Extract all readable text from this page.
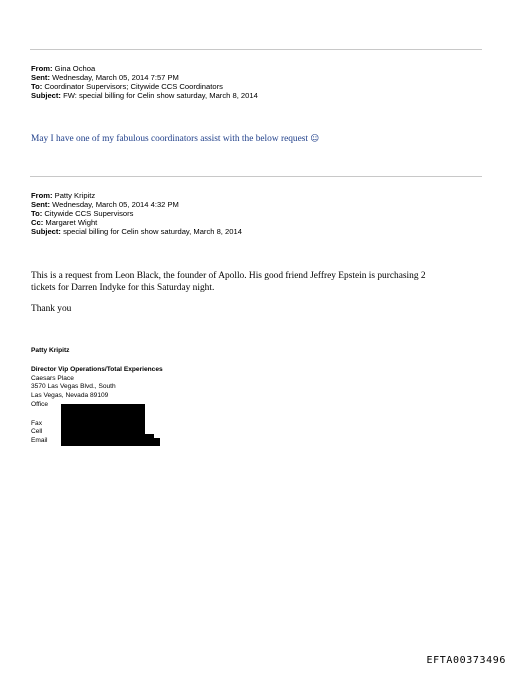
From: Gina Ochoa
Sent: Wednesday, March 05, 2014 7:57 PM
To: Coordinator Supervisors; Citywide CCS Coordinators
Subject: FW: special billing for Celin show saturday, March 8, 2014
May I have one of my fabulous coordinators assist with the below request ☺
From: Patty Kripitz
Sent: Wednesday, March 05, 2014 4:32 PM
To: Citywide CCS Supervisors
Cc: Margaret Wight
Subject: special billing for Celin show saturday, March 8, 2014
This is a request from Leon Black, the founder of Apollo. His good friend Jeffrey Epstein is purchasing 2
tickets for Darren Indyke for this Saturday night.
Thank you
Patty Kripitz
Director Vip Operations/Total Experiences
Caesars Place
3570 Las Vegas Blvd., South
Las Vegas, Nevada 89109
Office
Fax
Cell
Email
EFTA00373496
